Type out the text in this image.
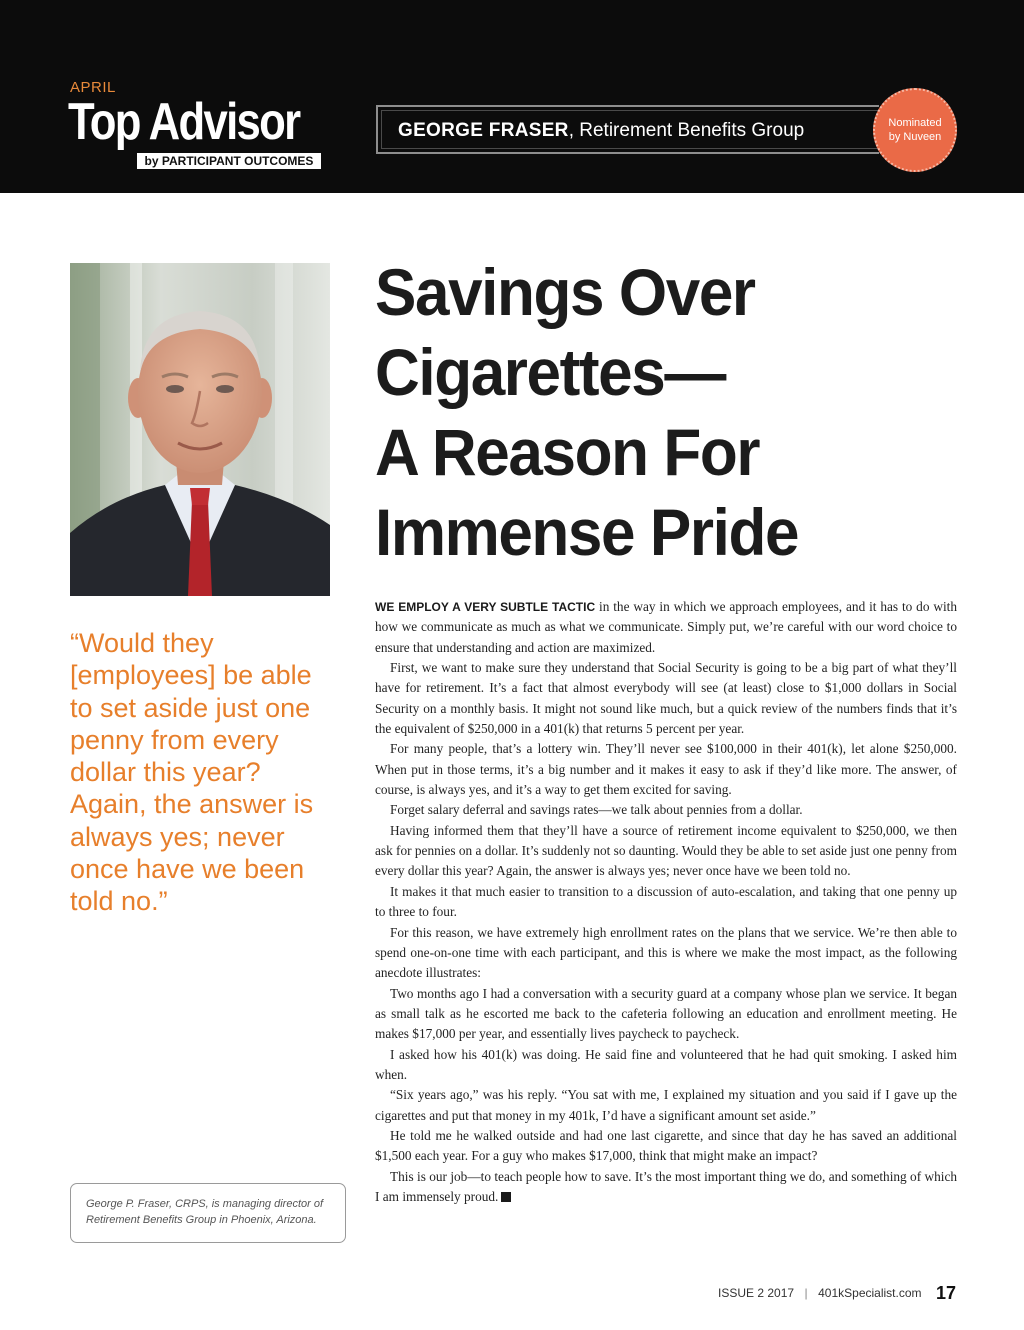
APRIL
Top Advisor
by PARTICIPANT OUTCOMES
GEORGE FRASER, Retirement Benefits Group	Nominated
by Nuveen
Savings Over
Cigarettes—
A Reason For
Immense Pride
“Would they [employees] be able to set aside just one penny from every dollar this year? Again, the answer is always yes; never once have we been told no.”
George P. Fraser, CRPS, is managing director of Retirement Benefits Group in Phoenix, Arizona.

WE EMPLOY A VERY SUBTLE TACTIC in the way in which we approach employees, and it has to do with how we communicate as much as what we communicate. Simply put, we’re careful with our word choice to ensure that understanding and action are maximized.

First, we want to make sure they understand that Social Security is going to be a big part of what they’ll have for retirement. It’s a fact that almost everybody will see (at least) close to $1,000 dollars in Social Security on a monthly basis. It might not sound like much, but a quick review of the numbers finds that it’s the equivalent of $250,000 in a 401(k) that returns 5 percent per year.

For many people, that’s a lottery win. They’ll never see $100,000 in their 401(k), let alone $250,000. When put in those terms, it’s a big number and it makes it easy to ask if they’d like more. The answer, of course, is always yes, and it’s a way to get them excited for saving.

Forget salary deferral and savings rates—we talk about pennies from a dollar.

Having informed them that they’ll have a source of retirement income equivalent to $250,000, we then ask for pennies on a dollar. It’s suddenly not so daunting. Would they be able to set aside just one penny from every dollar this year? Again, the answer is always yes; never once have we been told no.

It makes it that much easier to transition to a discussion of auto-escalation, and taking that one penny up to three to four.

For this reason, we have extremely high enrollment rates on the plans that we service. We’re then able to spend one-on-one time with each participant, and this is where we make the most impact, as the following anecdote illustrates:

Two months ago I had a conversation with a security guard at a company whose plan we service. It began as small talk as he escorted me back to the cafeteria following an education and enrollment meeting. He makes $17,000 per year, and essentially lives paycheck to paycheck.

I asked how his 401(k) was doing. He said fine and volunteered that he had quit smoking. I asked him when.

“Six years ago,” was his reply. “You sat with me, I explained my situation and you said if I gave up the cigarettes and put that money in my 401k, I’d have a significant amount set aside.”

He told me he walked outside and had one last cigarette, and since that day he has saved an additional $1,500 each year. For a guy who makes $17,000, think that might make an impact?

This is our job—to teach people how to save. It’s the most important thing we do, and something of which I am immensely proud.

ISSUE 2 2017 | 401kSpecialist.com 17
